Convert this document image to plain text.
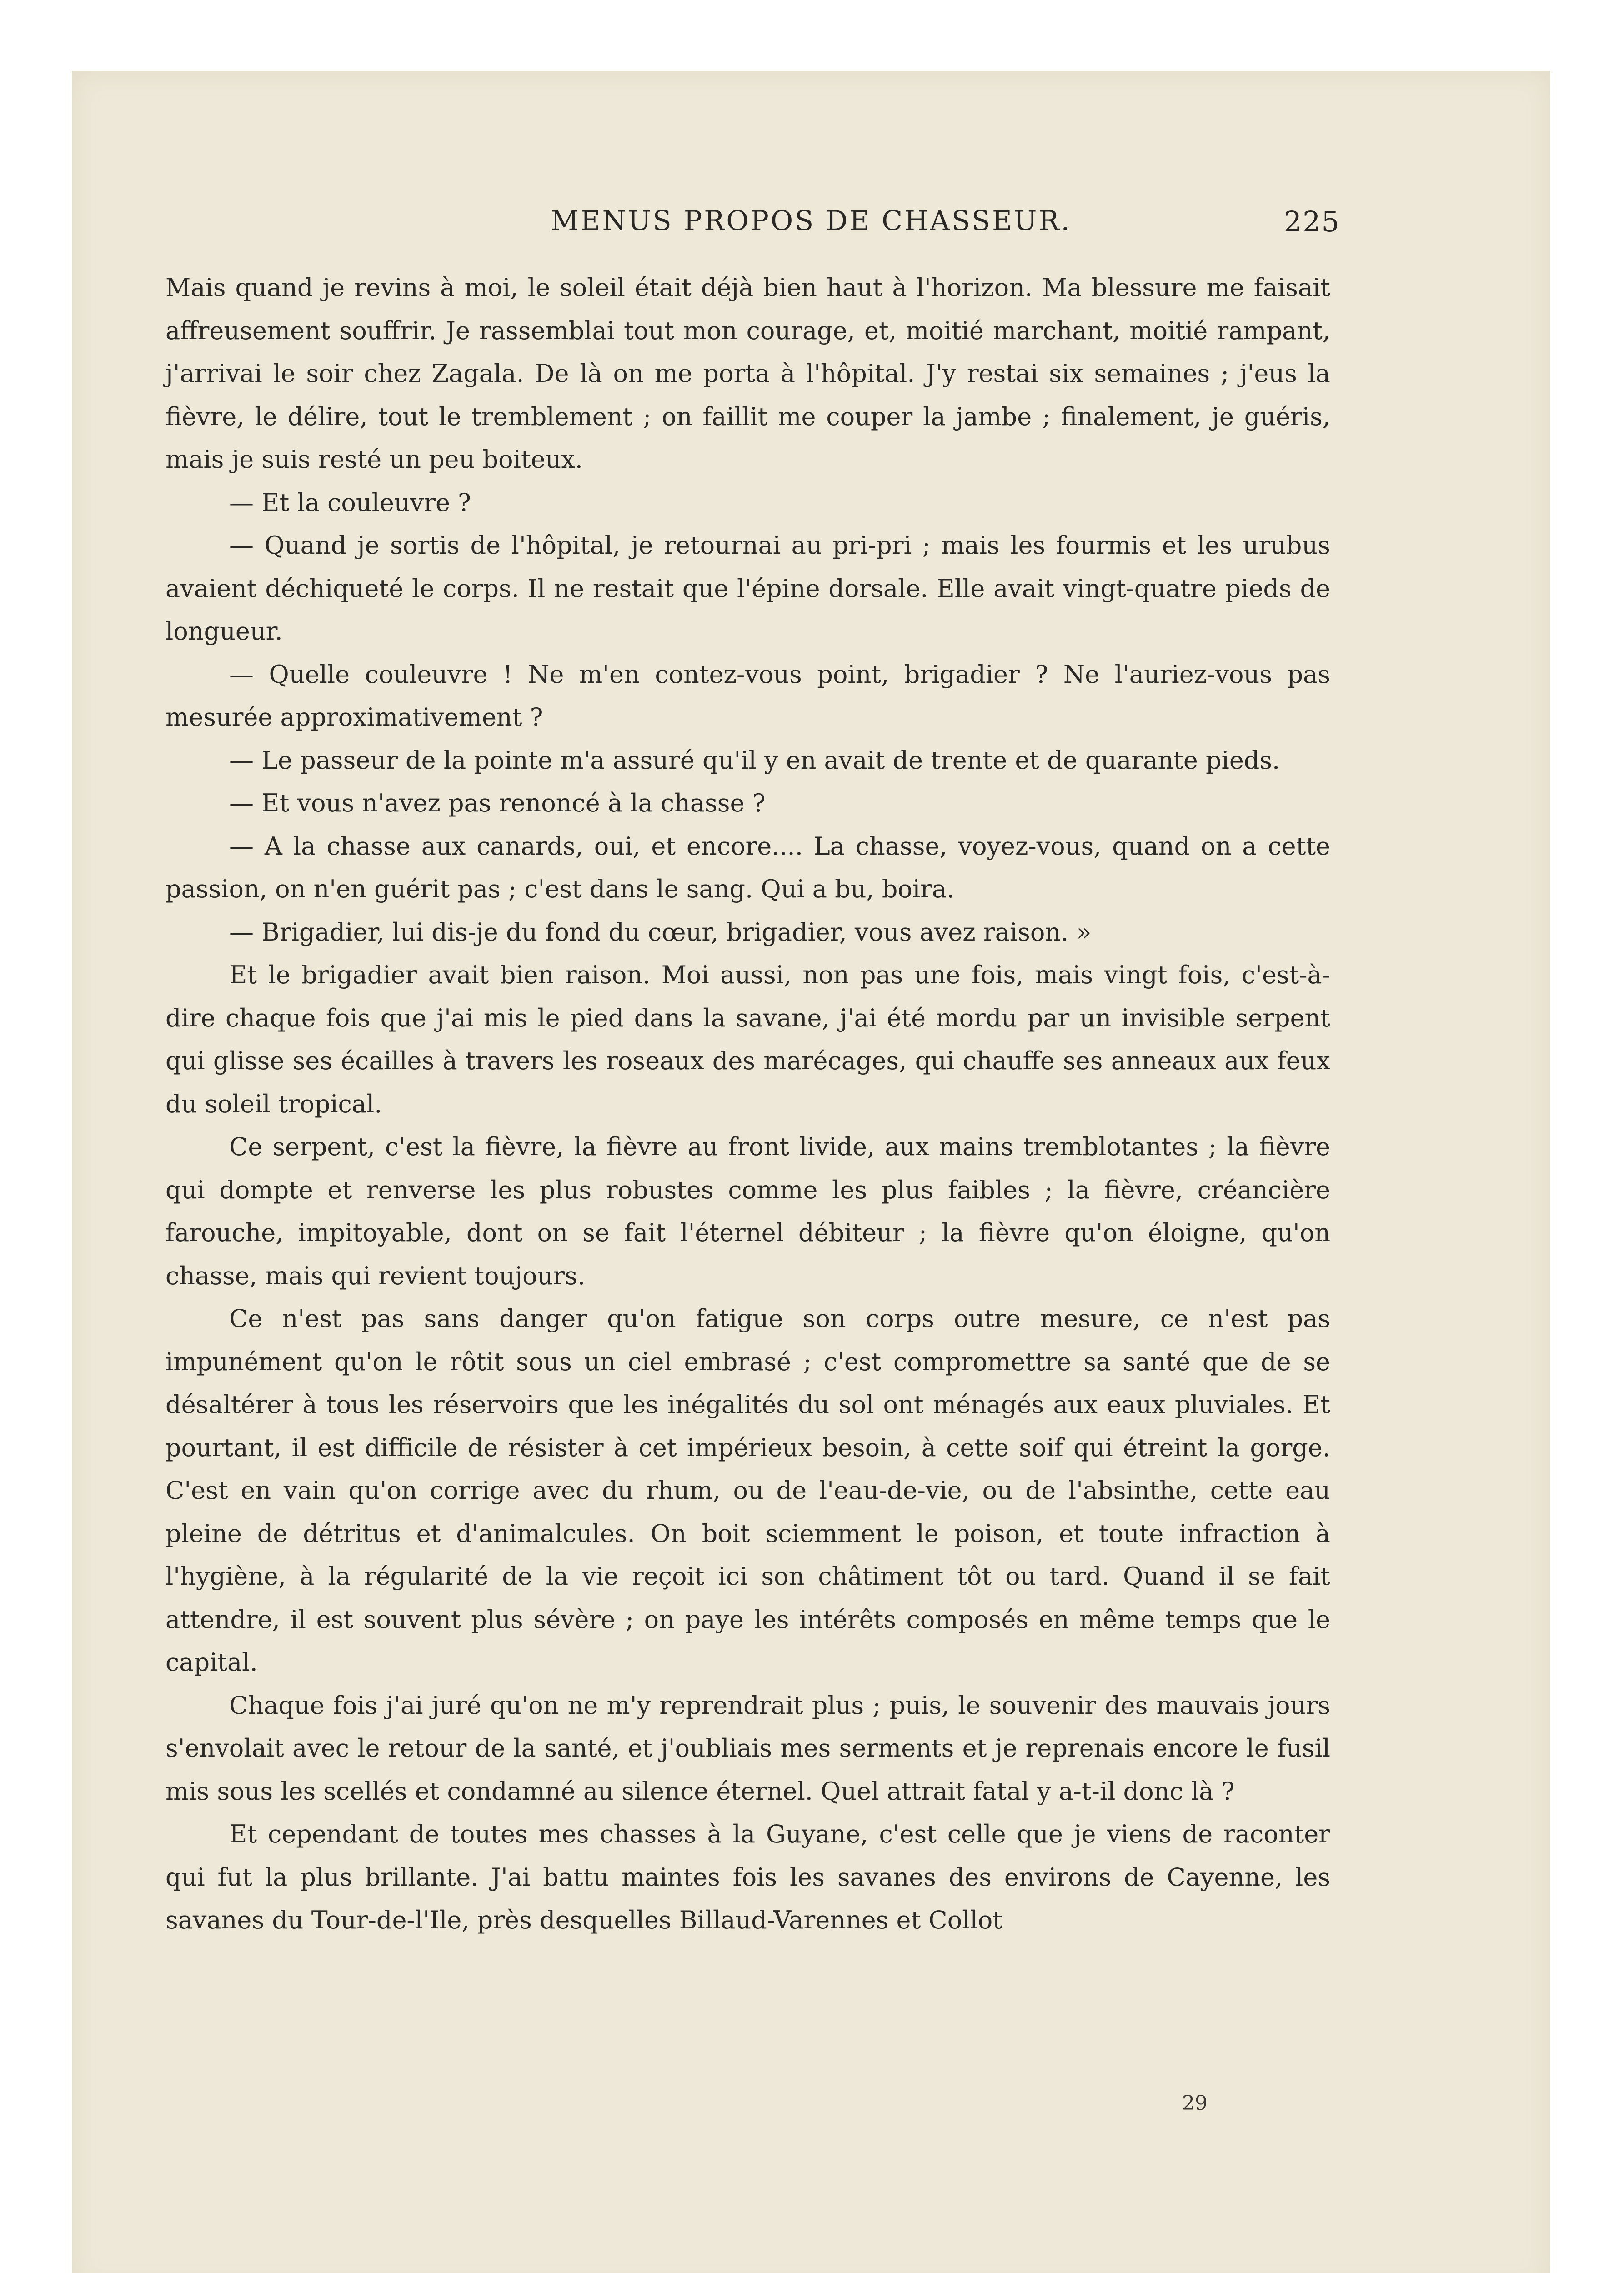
MENUS PROPOS DE CHASSEUR.	225

Mais quand je revins à moi, le soleil était déjà bien haut à l'horizon. Ma blessure me faisait affreusement souffrir. Je rassemblai tout mon courage, et, moitié marchant, moitié rampant, j'arrivai le soir chez Zagala. De là on me porta à l'hôpital. J'y restai six semaines ; j'eus la fièvre, le délire, tout le tremblement ; on faillit me couper la jambe ; finalement, je guéris, mais je suis resté un peu boiteux.

— Et la couleuvre ?

— Quand je sortis de l'hôpital, je retournai au pri-pri ; mais les fourmis et les urubus avaient déchiqueté le corps. Il ne restait que l'épine dorsale. Elle avait vingt-quatre pieds de longueur.

— Quelle couleuvre ! Ne m'en contez-vous point, brigadier ? Ne l'auriez-vous pas mesurée approximativement ?

— Le passeur de la pointe m'a assuré qu'il y en avait de trente et de quarante pieds.

— Et vous n'avez pas renoncé à la chasse ?

— A la chasse aux canards, oui, et encore.... La chasse, voyez-vous, quand on a cette passion, on n'en guérit pas ; c'est dans le sang. Qui a bu, boira.

— Brigadier, lui dis-je du fond du cœur, brigadier, vous avez raison. »

Et le brigadier avait bien raison. Moi aussi, non pas une fois, mais vingt fois, c'est-à-dire chaque fois que j'ai mis le pied dans la savane, j'ai été mordu par un invisible serpent qui glisse ses écailles à travers les roseaux des marécages, qui chauffe ses anneaux aux feux du soleil tropical.

Ce serpent, c'est la fièvre, la fièvre au front livide, aux mains tremblotantes ; la fièvre qui dompte et renverse les plus robustes comme les plus faibles ; la fièvre, créancière farouche, impitoyable, dont on se fait l'éternel débiteur ; la fièvre qu'on éloigne, qu'on chasse, mais qui revient toujours.

Ce n'est pas sans danger qu'on fatigue son corps outre mesure, ce n'est pas impunément qu'on le rôtit sous un ciel embrasé ; c'est compromettre sa santé que de se désaltérer à tous les réservoirs que les inégalités du sol ont ménagés aux eaux pluviales. Et pourtant, il est difficile de résister à cet impérieux besoin, à cette soif qui étreint la gorge. C'est en vain qu'on corrige avec du rhum, ou de l'eau-de-vie, ou de l'absinthe, cette eau pleine de détritus et d'animalcules. On boit sciemment le poison, et toute infraction à l'hygiène, à la régularité de la vie reçoit ici son châtiment tôt ou tard. Quand il se fait attendre, il est souvent plus sévère ; on paye les intérêts composés en même temps que le capital.

Chaque fois j'ai juré qu'on ne m'y reprendrait plus ; puis, le souvenir des mauvais jours s'envolait avec le retour de la santé, et j'oubliais mes serments et je reprenais encore le fusil mis sous les scellés et condamné au silence éternel. Quel attrait fatal y a-t-il donc là ?

Et cependant de toutes mes chasses à la Guyane, c'est celle que je viens de raconter qui fut la plus brillante. J'ai battu maintes fois les savanes des environs de Cayenne, les savanes du Tour-de-l'Ile, près desquelles Billaud-Varennes et Collot

29
